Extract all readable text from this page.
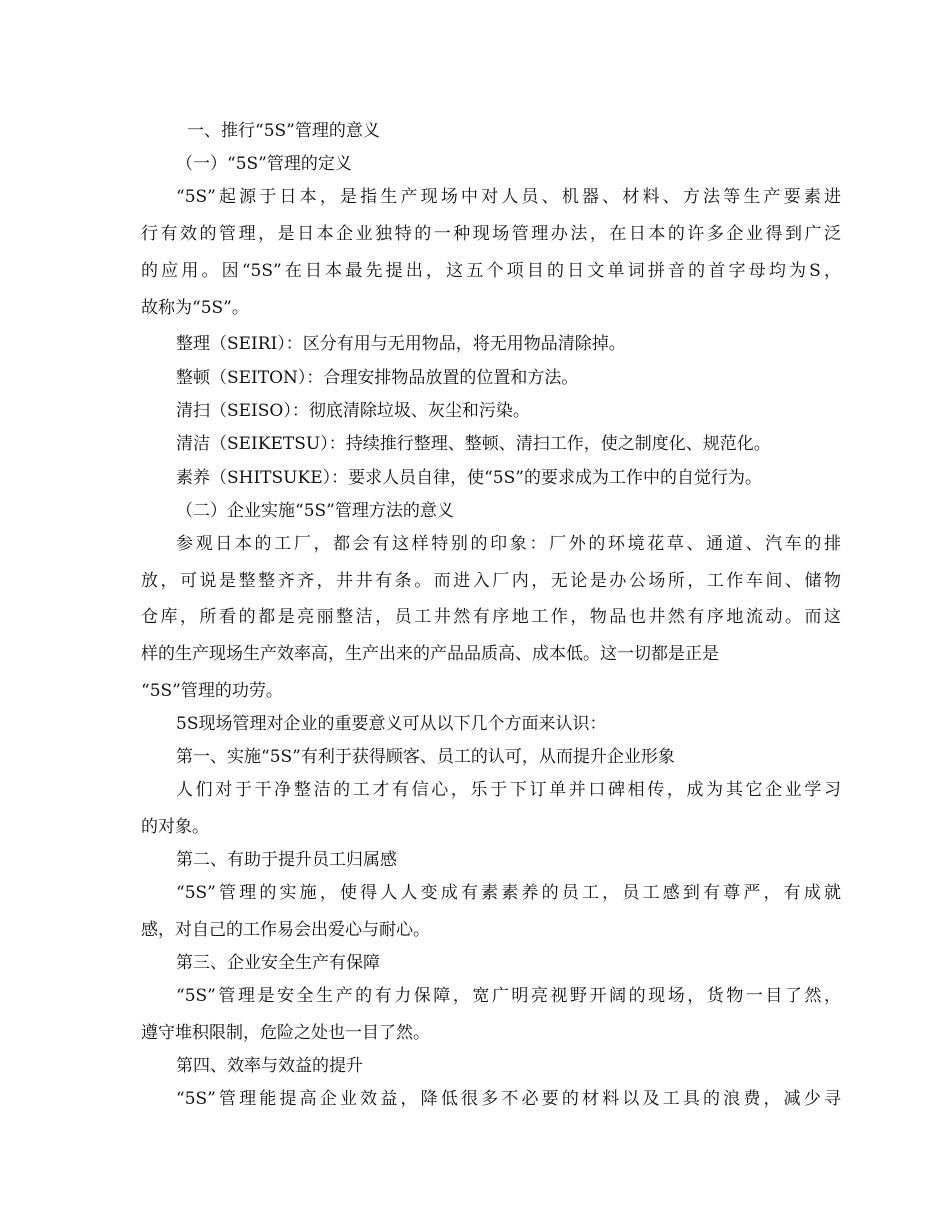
一、推行“5S”管理的意义
（一）“5S”管理的定义
“5S”起源于日本，是指生产现场中对人员、机器、材料、方法等生产要素进
行有效的管理，是日本企业独特的一种现场管理办法，在日本的许多企业得到广泛
的应用。因“5S”在日本最先提出，这五个项目的日文单词拼音的首字母均为S，
故称为“5S”。
整理（SEIRI）：区分有用与无用物品，将无用物品清除掉。
整顿（SEITON）：合理安排物品放置的位置和方法。
清扫（SEISO）：彻底清除垃圾、灰尘和污染。
清洁（SEIKETSU）：持续推行整理、整顿、清扫工作，使之制度化、规范化。
素养（SHITSUKE）：要求人员自律，使“5S”的要求成为工作中的自觉行为。
（二）企业实施“5S”管理方法的意义
参观日本的工厂，都会有这样特别的印象：厂外的环境花草、通道、汽车的排
放，可说是整整齐齐，井井有条。而进入厂内，无论是办公场所，工作车间、储物
仓库，所看的都是亮丽整洁，员工井然有序地工作，物品也井然有序地流动。而这
样的生产现场生产效率高，生产出来的产品品质高、成本低。这一切都是正是
“5S”管理的功劳。
5S现场管理对企业的重要意义可从以下几个方面来认识：
第一、实施“5S”有利于获得顾客、员工的认可，从而提升企业形象
人们对于干净整洁的工才有信心，乐于下订单并口碑相传，成为其它企业学习
的对象。
第二、有助于提升员工归属感
“5S”管理的实施，使得人人变成有素素养的员工，员工感到有尊严，有成就
感，对自己的工作易会出爱心与耐心。
第三、企业安全生产有保障
“5S”管理是安全生产的有力保障，宽广明亮视野开阔的现场，货物一目了然，
遵守堆积限制，危险之处也一目了然。
第四、效率与效益的提升
“5S”管理能提高企业效益，降低很多不必要的材料以及工具的浪费，减少寻
